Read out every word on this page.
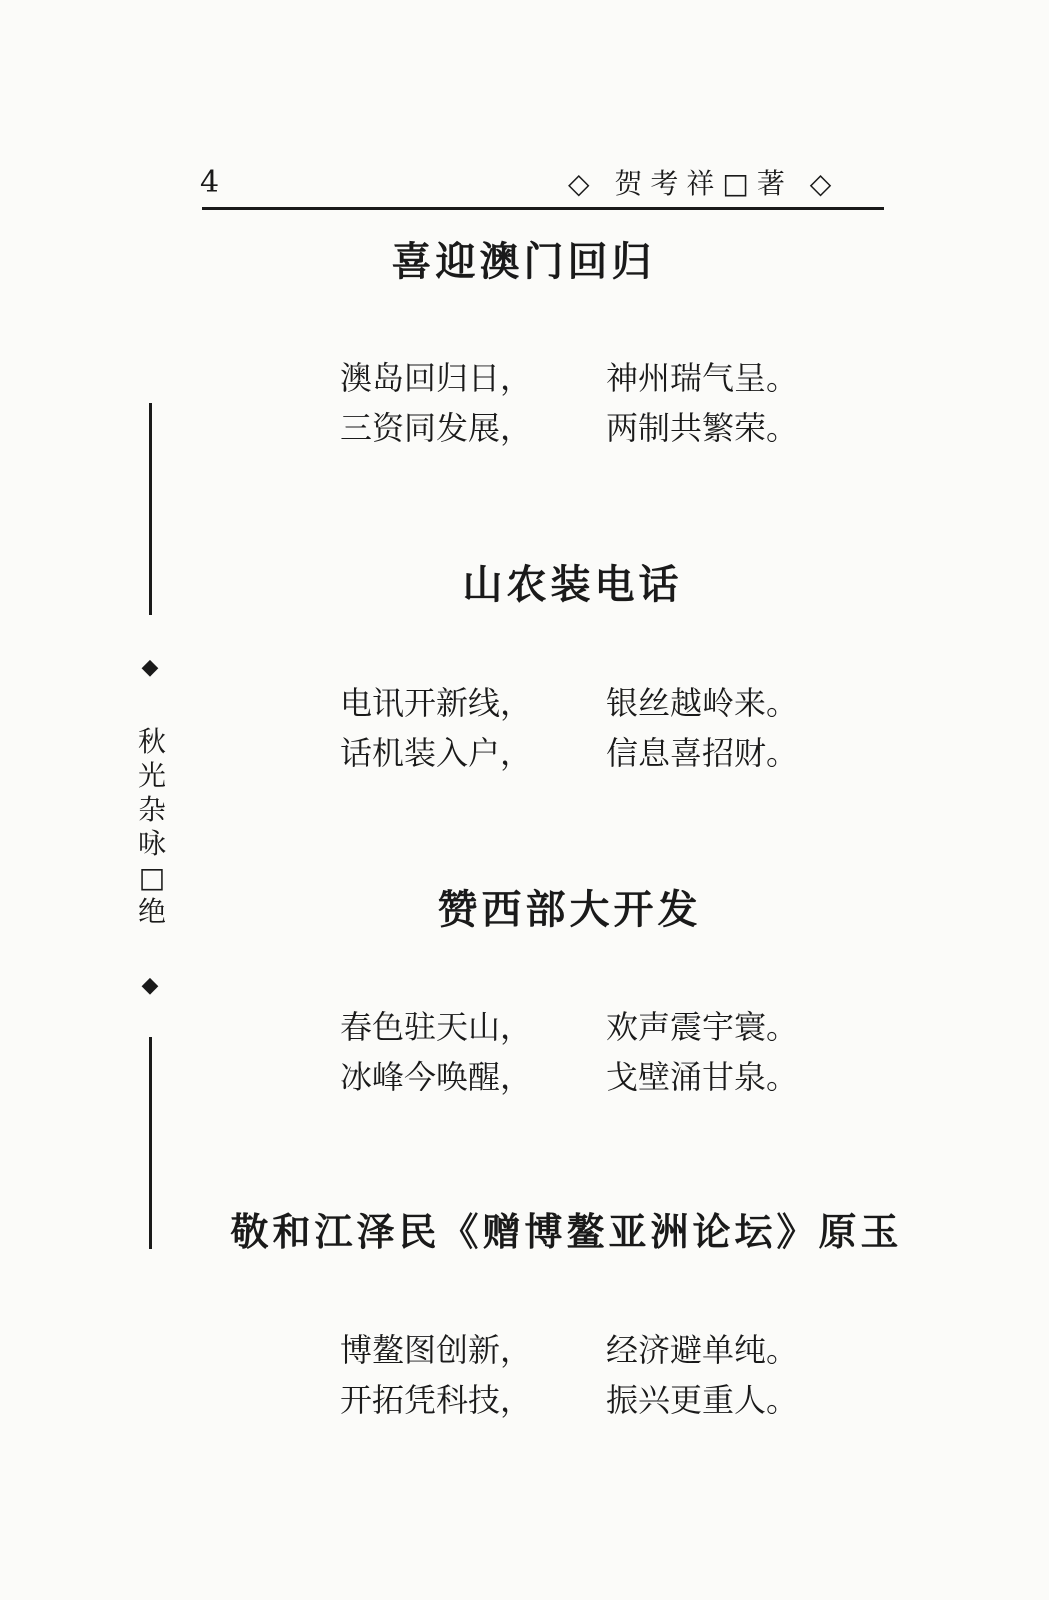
4	◇ 贺考祥□著 ◇
◆
秋
光
杂
咏
□
绝
◆
喜迎澳门回归
澳岛回归日， 神州瑞气呈。
三资同发展， 两制共繁荣。
山农装电话
电讯开新线， 银丝越岭来。
话机装入户， 信息喜招财。
赞西部大开发
春色驻天山， 欢声震宇寰。
冰峰今唤醒， 戈壁涌甘泉。
敬和江泽民《赠博鳌亚洲论坛》原玉
博鳌图创新， 经济避单纯。
开拓凭科技， 振兴更重人。
